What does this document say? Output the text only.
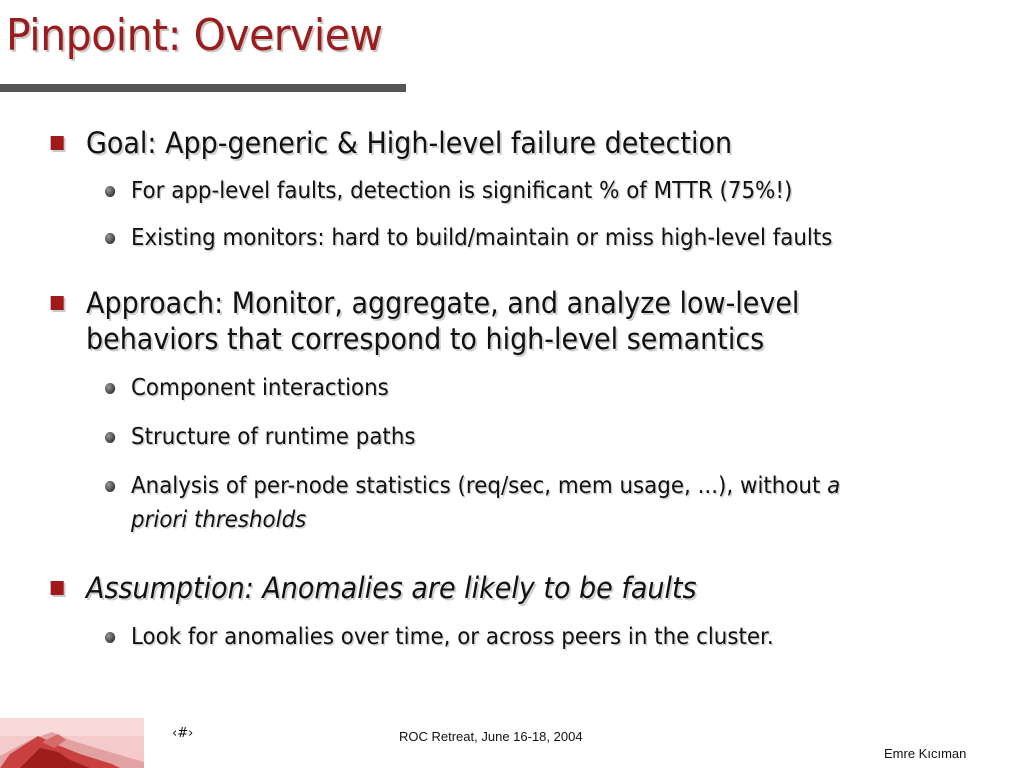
Pinpoint: Overview
Goal: App-generic & High-level failure detection
For app-level faults, detection is significant % of MTTR (75%!)
Existing monitors: hard to build/maintain or miss high-level faults
Approach: Monitor, aggregate, and analyze low-level
behaviors that correspond to high-level semantics
Component interactions
Structure of runtime paths
Analysis of per-node statistics (req/sec, mem usage, ...), without a
priori thresholds
Assumption: Anomalies are likely to be faults
Look for anomalies over time, or across peers in the cluster.
‹#›	ROC Retreat, June 16-18, 2004
Emre Kıcıman
